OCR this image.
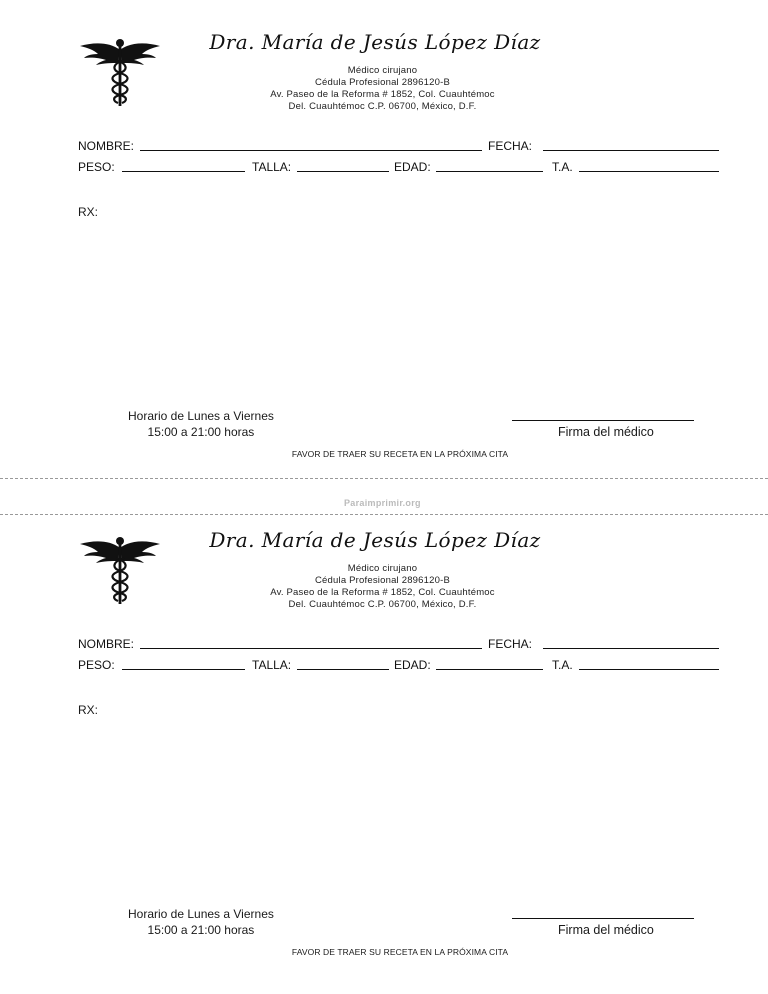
Dra. María de Jesús López Díaz
Médico cirujano
Cédula Profesional 2896120-B
Av. Paseo de la Reforma # 1852, Col. Cuauhtémoc
Del. Cuauhtémoc C.P. 06700, México, D.F.
NOMBRE:	FECHA:
PESO:	TALLA:	EDAD:	T.A.
RX:
Horario de Lunes a Viernes
15:00 a 21:00 horas	Firma del médico
FAVOR DE TRAER SU RECETA EN LA PRÓXIMA CITA
Paraimprimir.org
Dra. María de Jesús López Díaz
Médico cirujano
Cédula Profesional 2896120-B
Av. Paseo de la Reforma # 1852, Col. Cuauhtémoc
Del. Cuauhtémoc C.P. 06700, México, D.F.
NOMBRE:	FECHA:
PESO:	TALLA:	EDAD:	T.A.
RX:
Horario de Lunes a Viernes
15:00 a 21:00 horas	Firma del médico
FAVOR DE TRAER SU RECETA EN LA PRÓXIMA CITA
